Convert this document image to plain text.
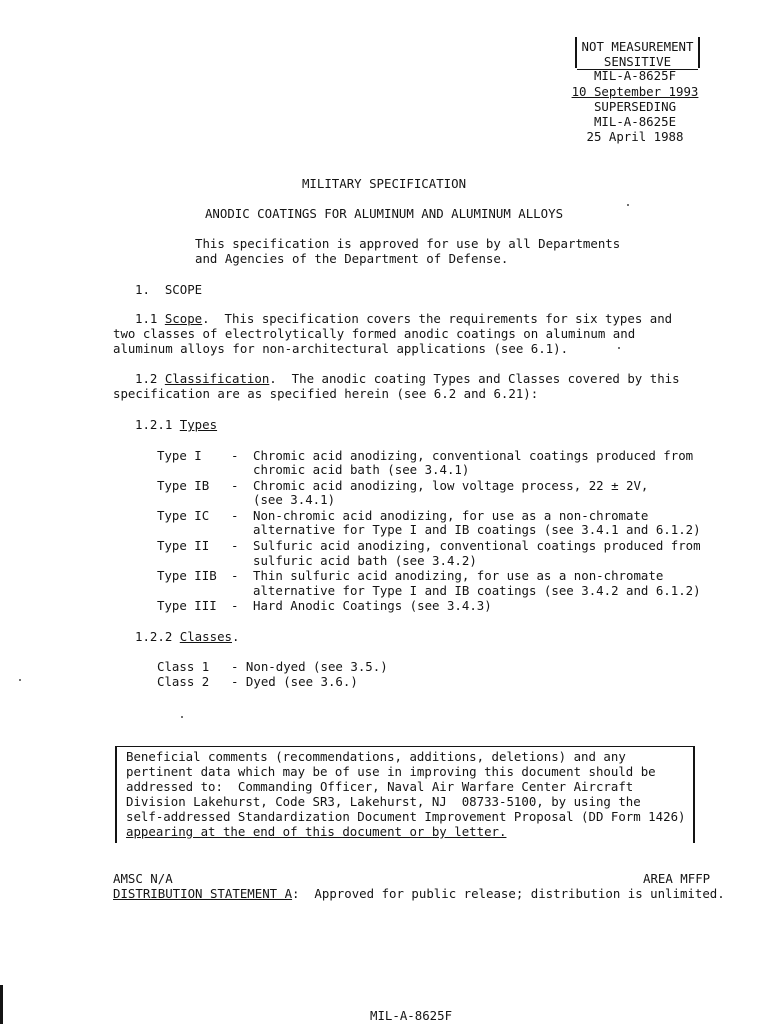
NOT MEASUREMENT
SENSITIVE
MIL-A-8625F
10 September 1993
SUPERSEDING
MIL-A-8625E
25 April 1988
MILITARY SPECIFICATION
ANODIC COATINGS FOR ALUMINUM AND ALUMINUM ALLOYS
This specification is approved for use by all Departments
and Agencies of the Department of Defense.
1.  SCOPE
1.1 Scope.  This specification covers the requirements for six types and
two classes of electrolytically formed anodic coatings on aluminum and
aluminum alloys for non-architectural applications (see 6.1).
1.2 Classification.  The anodic coating Types and Classes covered by this
specification are as specified herein (see 6.2 and 6.21):
1.2.1 Types
Type I - Chromic acid anodizing, conventional coatings produced from
chromic acid bath (see 3.4.1)
Type IB - Chromic acid anodizing, low voltage process, 22 ± 2V,
(see 3.4.1)
Type IC - Non-chromic acid anodizing, for use as a non-chromate
alternative for Type I and IB coatings (see 3.4.1 and 6.1.2)
Type II - Sulfuric acid anodizing, conventional coatings produced from
sulfuric acid bath (see 3.4.2)
Type IIB - Thin sulfuric acid anodizing, for use as a non-chromate
alternative for Type I and IB coatings (see 3.4.2 and 6.1.2)
Type III - Hard Anodic Coatings (see 3.4.3)
1.2.2 Classes.
Class 1 - Non-dyed (see 3.5.)
Class 2 - Dyed (see 3.6.)
Beneficial comments (recommendations, additions, deletions) and any
pertinent data which may be of use in improving this document should be
addressed to:  Commanding Officer, Naval Air Warfare Center Aircraft
Division Lakehurst, Code SR3, Lakehurst, NJ  08733-5100, by using the
self-addressed Standardization Document Improvement Proposal (DD Form 1426)
appearing at the end of this document or by letter.
AMSC N/A	AREA MFFP
DISTRIBUTION STATEMENT A:  Approved for public release; distribution is unlimited.
MIL-A-8625F
